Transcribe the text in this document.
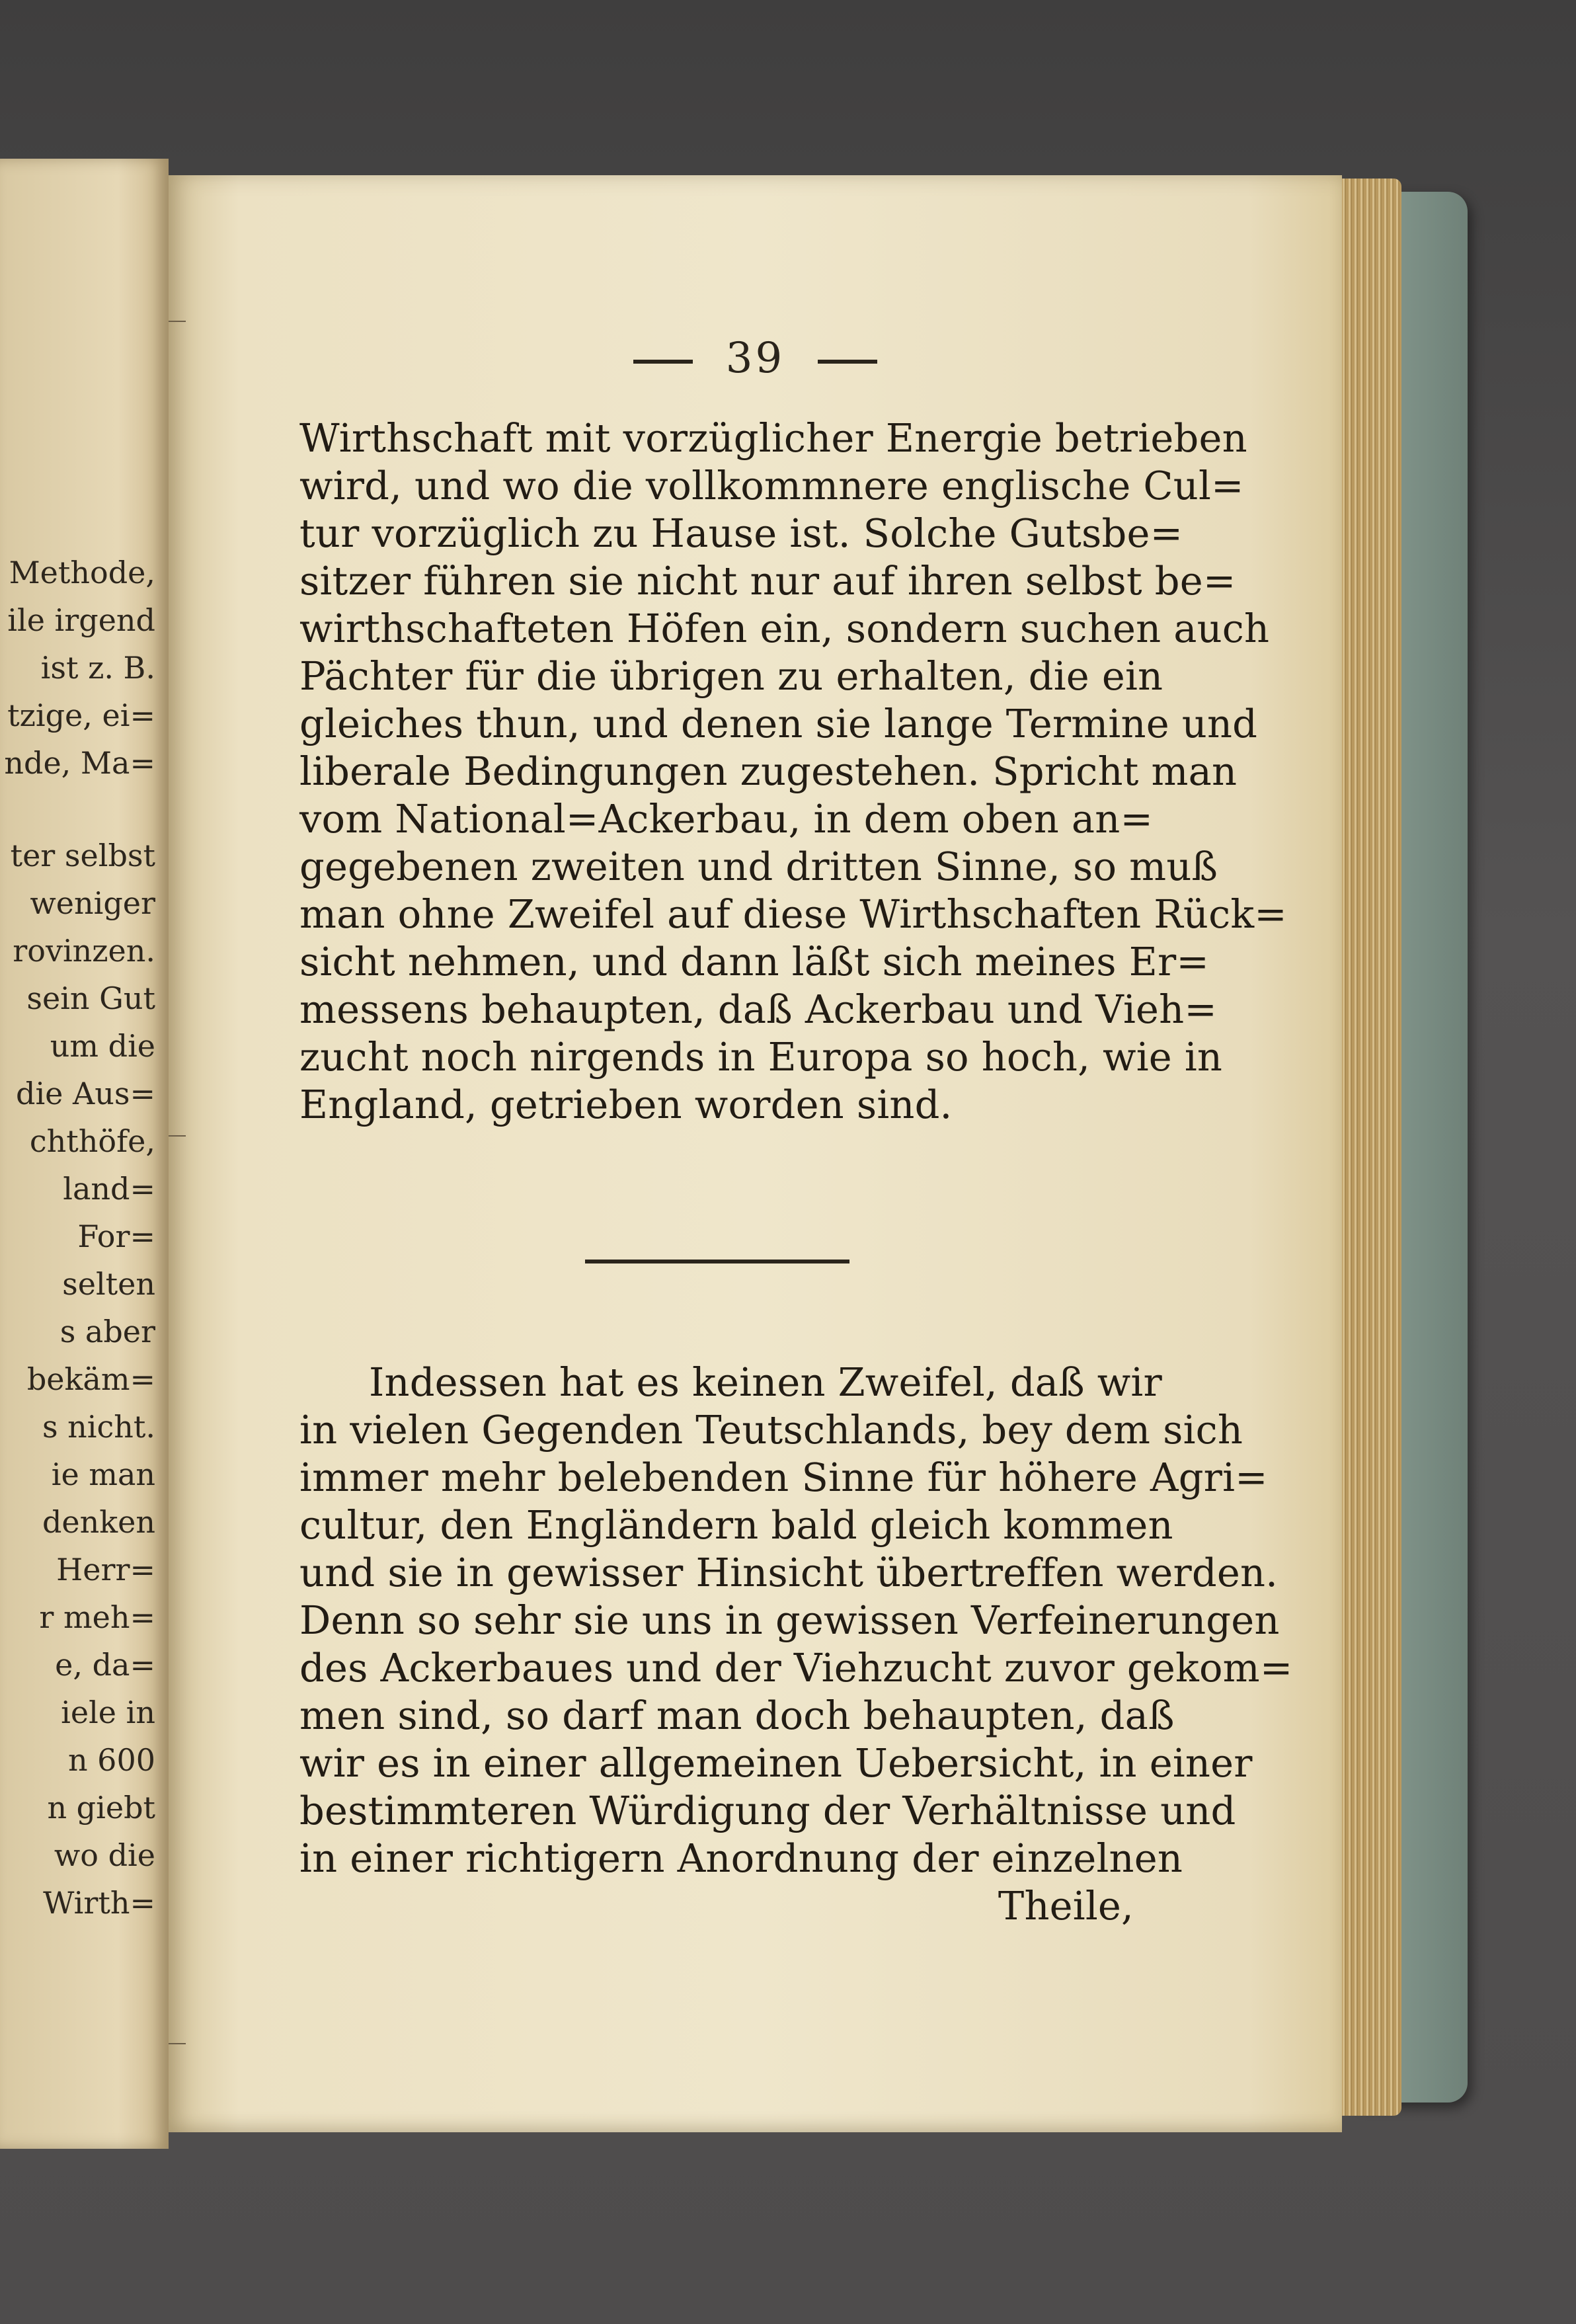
Methode,
ile irgend
ist z. B.
tzige, ei=
nde, Ma=
ter selbst
weniger
rovinzen.
sein Gut
um die
die Aus=
chthöfe,
land=
For=
selten
s aber
bekäm=
s nicht.
ie man
denken
Herr=
r meh=
e, da=
iele in
n 600
n giebt
wo die
Wirth=
39
Wirthschaft mit vorzüglicher Energie betrieben
wird, und wo die vollkommnere englische Cul=
tur vorzüglich zu Hause ist. Solche Gutsbe=
sitzer führen sie nicht nur auf ihren selbst be=
wirthschafteten Höfen ein, sondern suchen auch
Pächter für die übrigen zu erhalten, die ein
gleiches thun, und denen sie lange Termine und
liberale Bedingungen zugestehen. Spricht man
vom National=Ackerbau, in dem oben an=
gegebenen zweiten und dritten Sinne, so muß
man ohne Zweifel auf diese Wirthschaften Rück=
sicht nehmen, und dann läßt sich meines Er=
messens behaupten, daß Ackerbau und Vieh=
zucht noch nirgends in Europa so hoch, wie in
England, getrieben worden sind.
Indessen hat es keinen Zweifel, daß wir
in vielen Gegenden Teutschlands, bey dem sich
immer mehr belebenden Sinne für höhere Agri=
cultur, den Engländern bald gleich kommen
und sie in gewisser Hinsicht übertreffen werden.
Denn so sehr sie uns in gewissen Verfeinerungen
des Ackerbaues und der Viehzucht zuvor gekom=
men sind, so darf man doch behaupten, daß
wir es in einer allgemeinen Uebersicht, in einer
bestimmteren Würdigung der Verhältnisse und
in einer richtigern Anordnung der einzelnen
Theile,
